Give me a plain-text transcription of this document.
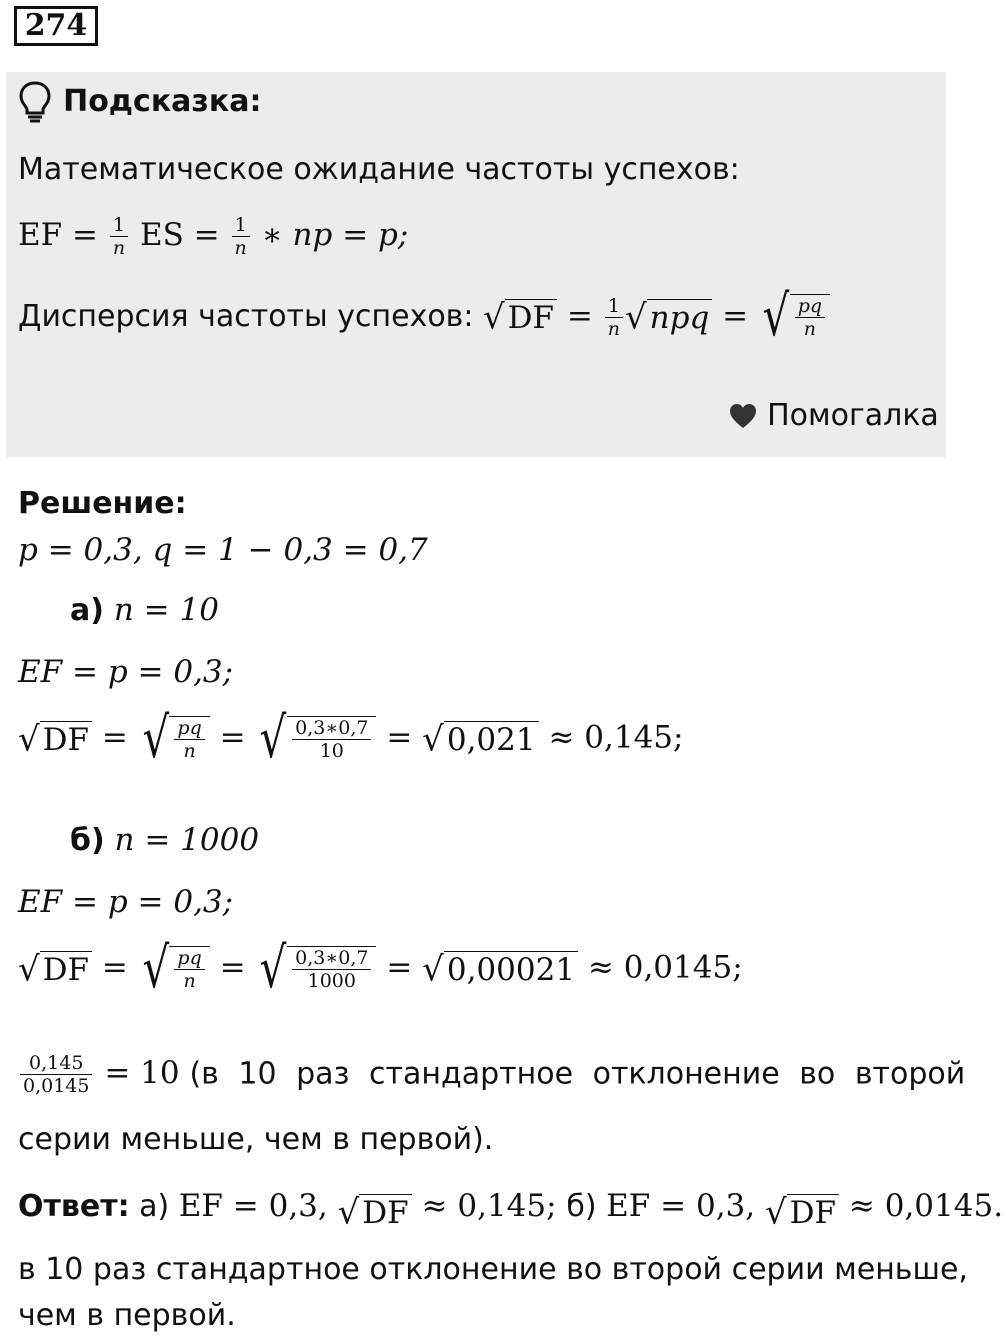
274
Подсказка:
Математическое ожидание частоты успехов:
EF = $\frac{1}{n}$ ES = $\frac{1}{n}$ ∗ np = p;
Дисперсия частоты успехов: $√DF = \frac{1}{n} √npq$ = √ $\frac{pq}{n}$
Помогалка
Решение:
p = 0,3, q = 1 − 0,3 = 0,7
а) n = 10
EF = p = 0,3;
√DF = √ $\frac{pq}{n}$ = √ $\frac{0,3∗0,7}{10} = √0,021 \approx 0,145$;
б) n = 1000
EF = p = 0,3;
√DF = √ $\frac{pq}{n}$ = √ $\frac{0,3∗0,7}{1000} = √0,00021 \approx 0,0145$;
$\frac{0,145}{0,0145} = 10$ (в 10 раз стандартное отклонение во второй
серии меньше, чем в первой).
Ответ: а) EF = 0,3, √DF ≈ 0,145; б) EF = 0,3, √DF ≈ 0,0145.
в 10 раз стандартное отклонение во второй серии меньше,
чем в первой.
